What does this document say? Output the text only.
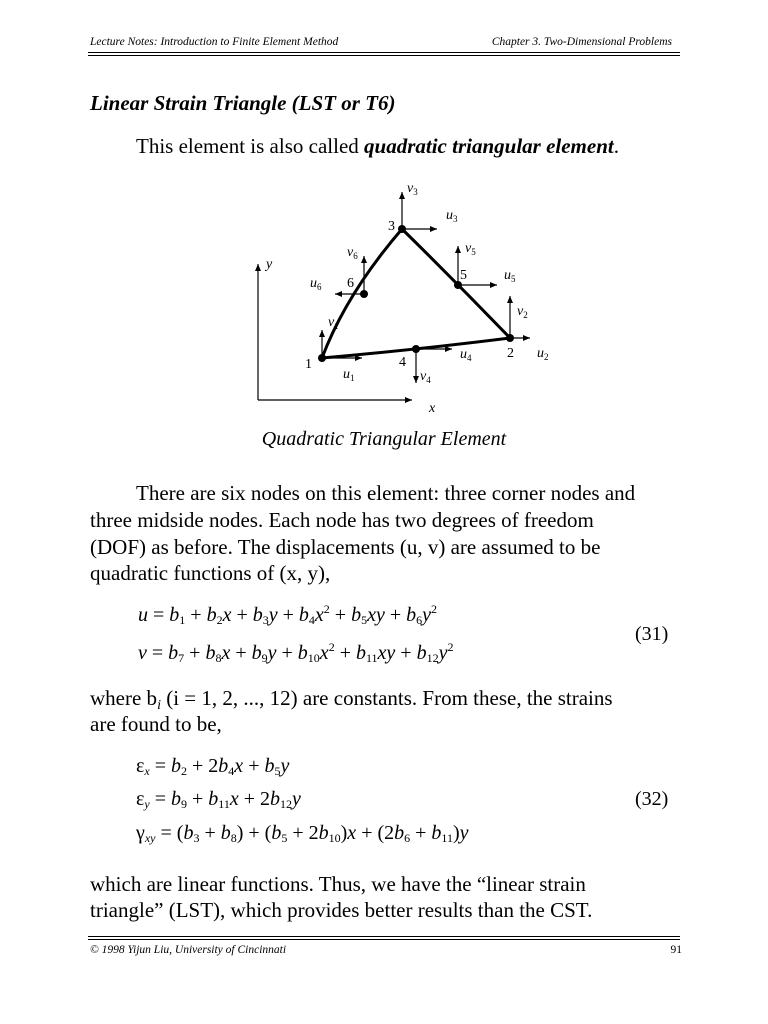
Lecture Notes: Introduction to Finite Element Method	Chapter 3. Two-Dimensional Problems
Linear Strain Triangle (LST or T6)
This element is also called quadratic triangular element.
y
x
1
2
3
4
5
6
$u_1$
$v_1$
$u_2$
$v_2$
$u_3$
$v_3$
$u_4$
$v_4$
$u_5$
$v_5$
$u_6$
$v_6$
Quadratic Triangular Element
There are six nodes on this element: three corner nodes and
three midside nodes. Each node has two degrees of freedom
(DOF) as before. The displacements (u, v) are assumed to be
quadratic functions of (x, y),
$u = b_1 + b_2x + b_3y + b_4x^2 + b_5xy + b_6y^2$
$v = b_7 + b_8x + b_9y + b_{10}x^2 + b_{11}xy + b_{12}y^2$
(31)
where bi (i = 1, 2, ..., 12) are constants. From these, the strains
are found to be,
$\varepsilon_x = b_2 + 2b_4x + b_5y$
$\varepsilon_y = b_9 + b_{11}x + 2b_{12}y$
$\gamma_{xy} = (b_3 + b_8) + (b_5 + 2b_{10})x + (2b_6 + b_{11})y$
(32)
which are linear functions. Thus, we have the “linear strain
triangle” (LST), which provides better results than the CST.
© 1998 Yijun Liu, University of Cincinnati	91
